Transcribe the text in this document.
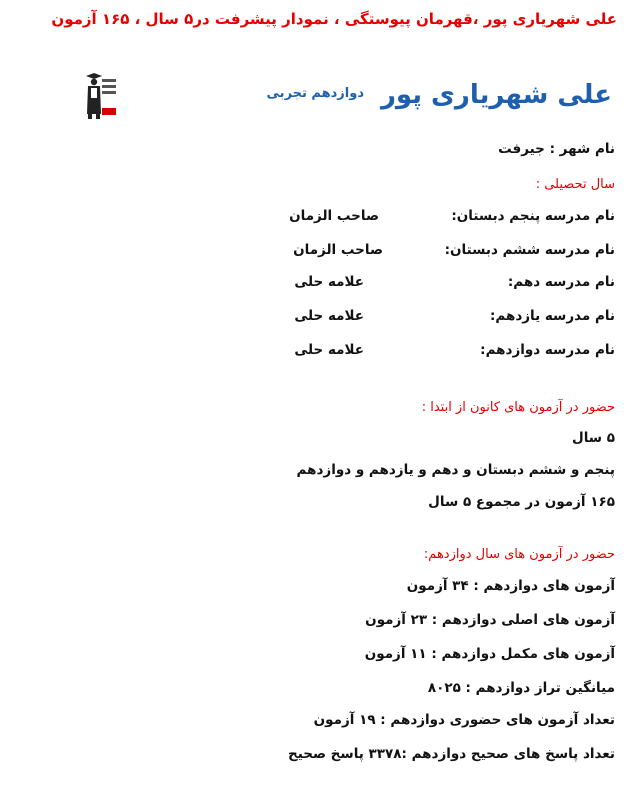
علی شهریاری پور ،قهرمان پیوستگی ، نمودار پیشرفت در۵ سال ، ۱۶۵ آزمون
دوازدهم تجربی علی شهریاری پور
نام شهر : جیرفت
سال تحصیلی :
نام مدرسه پنجم دبستان:
صاحب الزمان
نام مدرسه ششم دبستان:
صاحب الزمان
نام مدرسه دهم:
علامه حلی
نام مدرسه یازدهم:
علامه حلی
نام مدرسه دوازدهم:
علامه حلی
حضور در آزمون های کانون از ابتدا :
۵ سال
پنجم و ششم دبستان و دهم و یازدهم و دوازدهم
۱۶۵ آزمون در مجموع ۵ سال
حضور در آزمون های سال دوازدهم:
آزمون های دوازدهم : ۳۴ آزمون
آزمون های اصلی دوازدهم : ۲۳ آزمون
آزمون های مکمل دوازدهم : ۱۱ آزمون
میانگین تراز دوازدهم : ۸۰۲۵
تعداد آزمون های حضوری دوازدهم : ۱۹ آزمون
تعداد پاسخ های صحیح دوازدهم :۳۳۷۸ پاسخ صحیح
